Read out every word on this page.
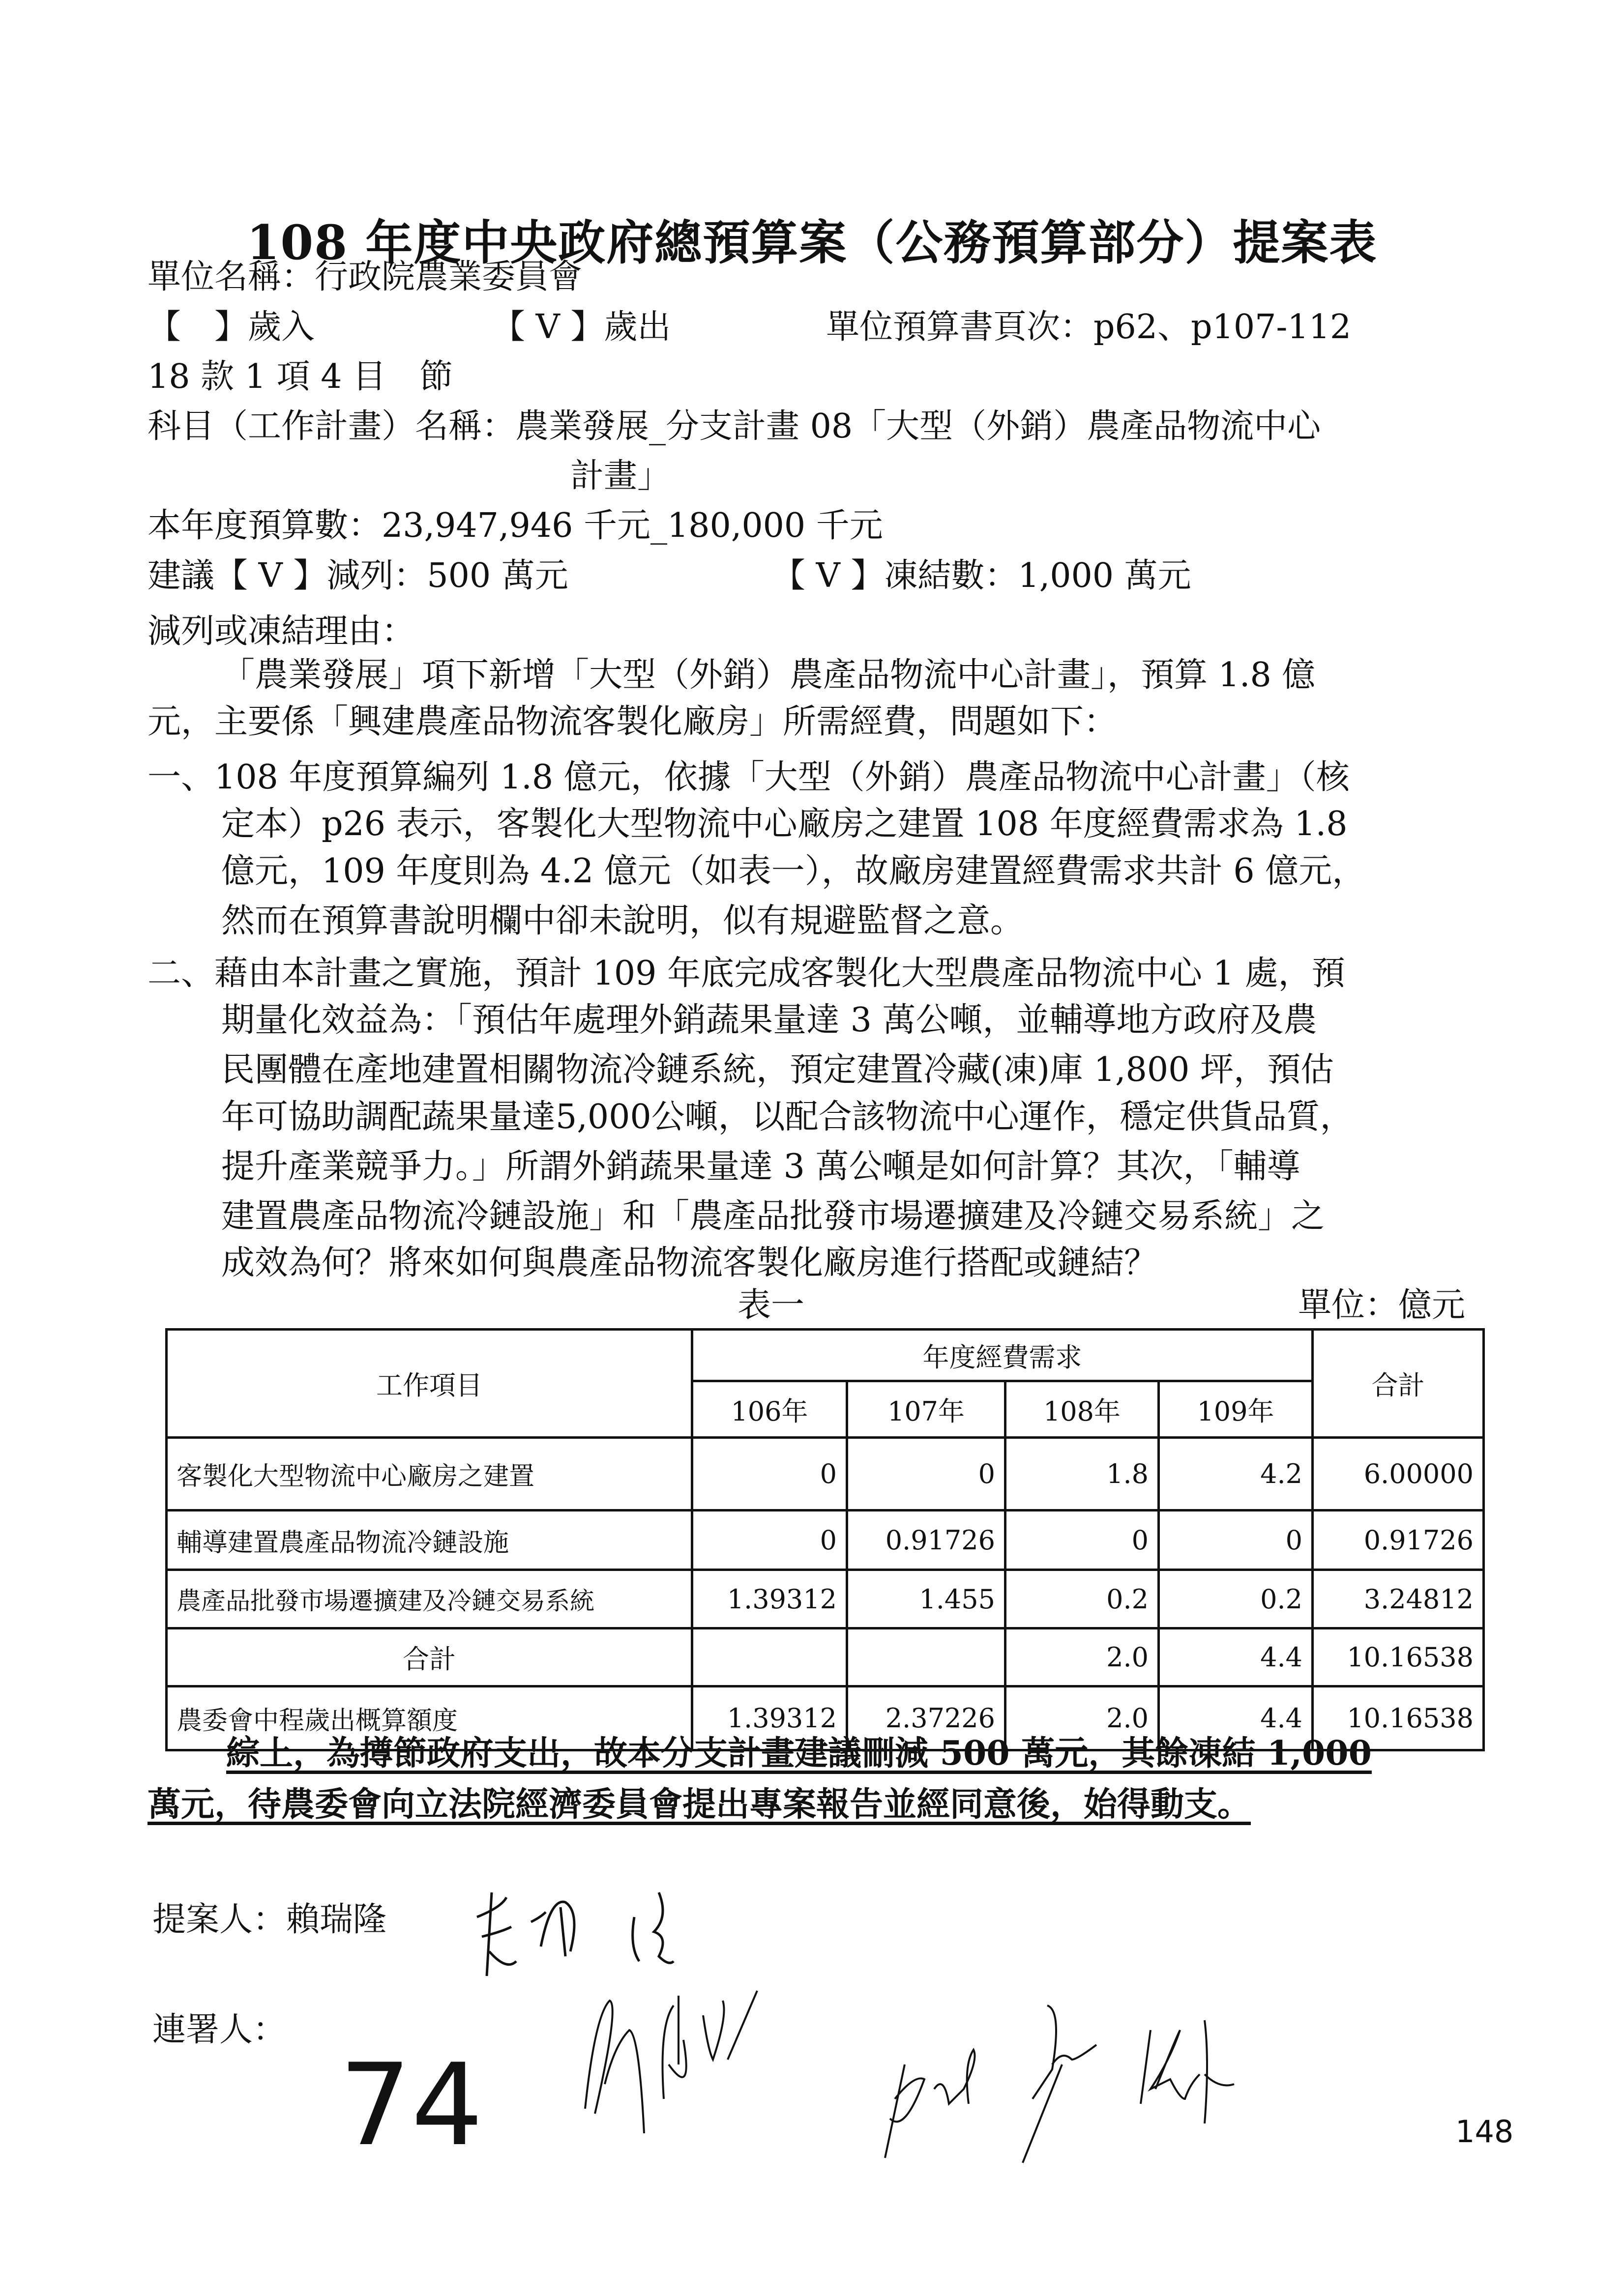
108 年度中央政府總預算案（公務預算部分）提案表
單位名稱：行政院農業委員會
【　】歲入	【 V 】歲出	單位預算書頁次：p62、p107-112
18 款 1 項 4 目　節
科目（工作計畫）名稱：農業發展_分支計畫 08「大型（外銷）農產品物流中心
計畫」
本年度預算數：23,947,946 千元_180,000 千元
建議【 V 】減列：500 萬元	【 V 】凍結數：1,000 萬元
減列或凍結理由：
「農業發展」項下新增「大型（外銷）農產品物流中心計畫」，預算 1.8 億
元，主要係「興建農產品物流客製化廠房」所需經費，問題如下：
一、108 年度預算編列 1.8 億元，依據「大型（外銷）農產品物流中心計畫」（核
定本）p26 表示，客製化大型物流中心廠房之建置 108 年度經費需求為 1.8
億元，109 年度則為 4.2 億元（如表一），故廠房建置經費需求共計 6 億元，
然而在預算書說明欄中卻未說明，似有規避監督之意。
二、藉由本計畫之實施，預計 109 年底完成客製化大型農產品物流中心 1 處，預
期量化效益為：「預估年處理外銷蔬果量達 3 萬公噸，並輔導地方政府及農
民團體在產地建置相關物流冷鏈系統，預定建置冷藏(凍)庫 1,800 坪，預估
年可協助調配蔬果量達5,000公噸，以配合該物流中心運作，穩定供貨品質，
提升產業競爭力。」所謂外銷蔬果量達 3 萬公噸是如何計算？其次，「輔導
建置農產品物流冷鏈設施」和「農產品批發市場遷擴建及冷鏈交易系統」之
成效為何？將來如何與農產品物流客製化廠房進行搭配或鏈結？
表一	單位：億元
工作項目	年度經費需求				合計
	106年	107年	108年	109年	
客製化大型物流中心廠房之建置	0	0	1.8	4.2	6.00000
輔導建置農產品物流冷鏈設施	0	0.91726	0	0	0.91726
農產品批發市場遷擴建及冷鏈交易系統	1.39312	1.455	0.2	0.2	3.24812
合計			2.0	4.4	10.16538
農委會中程歲出概算額度	1.39312	2.37226	2.0	4.4	10.16538
綜上，為撙節政府支出，故本分支計畫建議刪減 500 萬元，其餘凍結 1,000
萬元，待農委會向立法院經濟委員會提出專案報告並經同意後，始得動支。
提案人：賴瑞隆
連署人：
74	148
